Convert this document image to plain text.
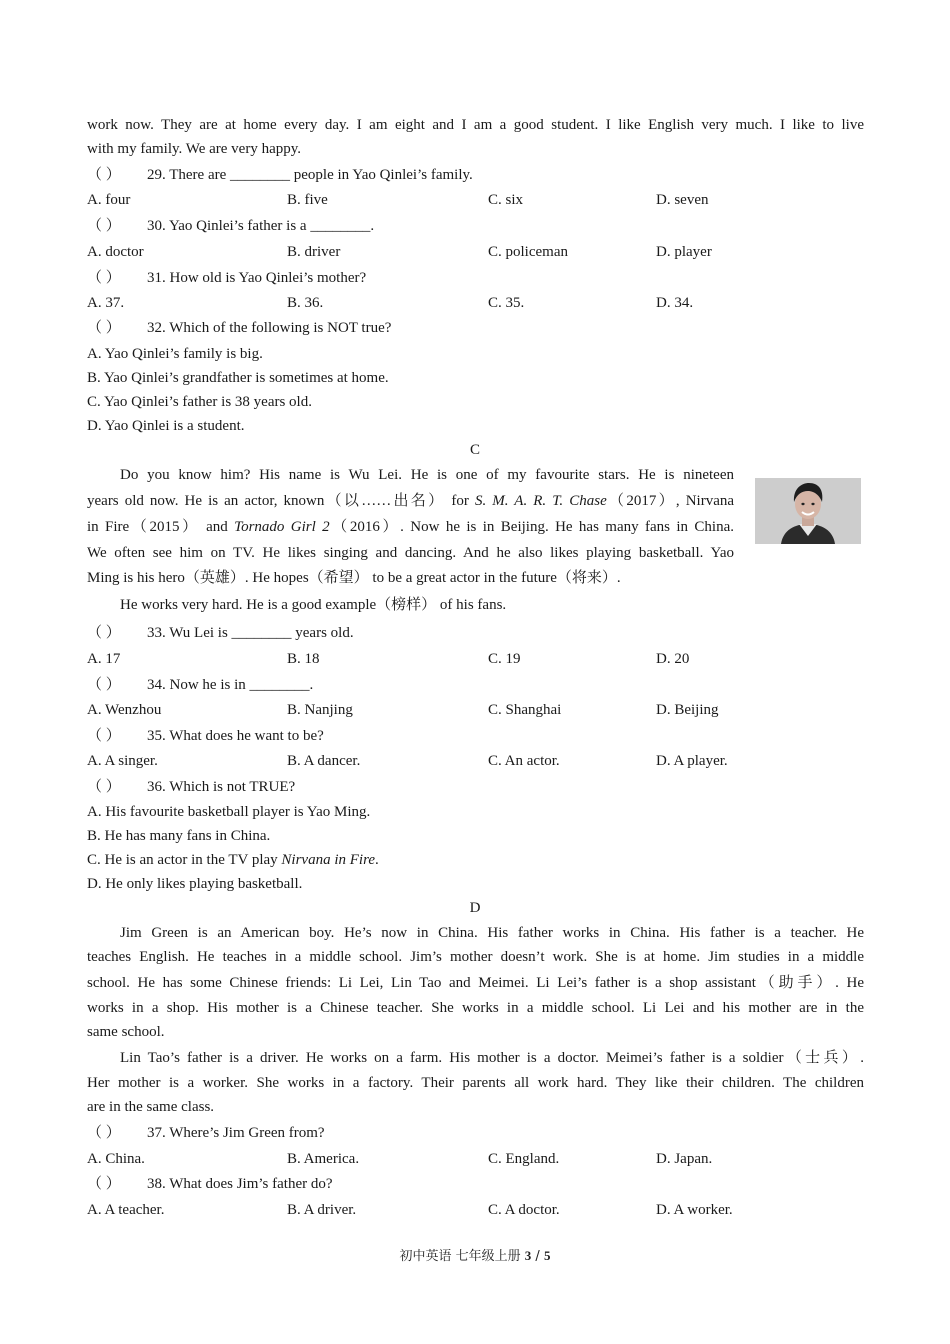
work now. They are at home every day. I am eight and I am a good student. I like English very much. I like to live
with my family. We are very happy.
（ ） 29. There are ________ people in Yao Qinlei’s family.
A. four	B. five	C. six	D. seven
（ ） 30. Yao Qinlei’s father is a ________.
A. doctor	B. driver	C. policeman	D. player
（ ） 31. How old is Yao Qinlei’s mother?
A. 37.	B. 36.	C. 35.	D. 34.
（ ） 32. Which of the following is NOT true?
A. Yao Qinlei’s family is big.
B. Yao Qinlei’s grandfather is sometimes at home.
C. Yao Qinlei’s father is 38 years old.
D. Yao Qinlei is a student.
C
Do you know him? His name is Wu Lei. He is one of my favourite stars. He is nineteen
years old now. He is an actor, known（以……出名） for S. M. A. R. T. Chase（2017）, Nirvana
in Fire（2015） and Tornado Girl 2（2016）. Now he is in Beijing. He has many fans in China.
We often see him on TV. He likes singing and dancing. And he also likes playing basketball. Yao
Ming is his hero（英雄）. He hopes（希望） to be a great actor in the future（将来）.
He works very hard. He is a good example（榜样） of his fans.
（ ） 33. Wu Lei is ________ years old.
A. 17	B. 18	C. 19	D. 20
（ ） 34. Now he is in ________.
A. Wenzhou	B. Nanjing	C. Shanghai	D. Beijing
（ ） 35. What does he want to be?
A. A singer.	B. A dancer.	C. An actor.	D. A player.
（ ） 36. Which is not TRUE?
A. His favourite basketball player is Yao Ming.
B. He has many fans in China.
C. He is an actor in the TV play Nirvana in Fire.
D. He only likes playing basketball.
D
Jim Green is an American boy. He’s now in China. His father works in China. His father is a teacher. He
teaches English. He teaches in a middle school. Jim’s mother doesn’t work. She is at home. Jim studies in a middle
school. He has some Chinese friends: Li Lei, Lin Tao and Meimei. Li Lei’s father is a shop assistant（助手）. He
works in a shop. His mother is a Chinese teacher. She works in a middle school. Li Lei and his mother are in the
same school.
Lin Tao’s father is a driver. He works on a farm. His mother is a doctor. Meimei’s father is a soldier（士兵）.
Her mother is a worker. She works in a factory. Their parents all work hard. They like their children. The children
are in the same class.
（ ） 37. Where’s Jim Green from?
A. China.	B. America.	C. England.	D. Japan.
（ ） 38. What does Jim’s father do?
A. A teacher.	B. A driver.	C. A doctor.	D. A worker.
初中英语 七年级上册 3 / 5
